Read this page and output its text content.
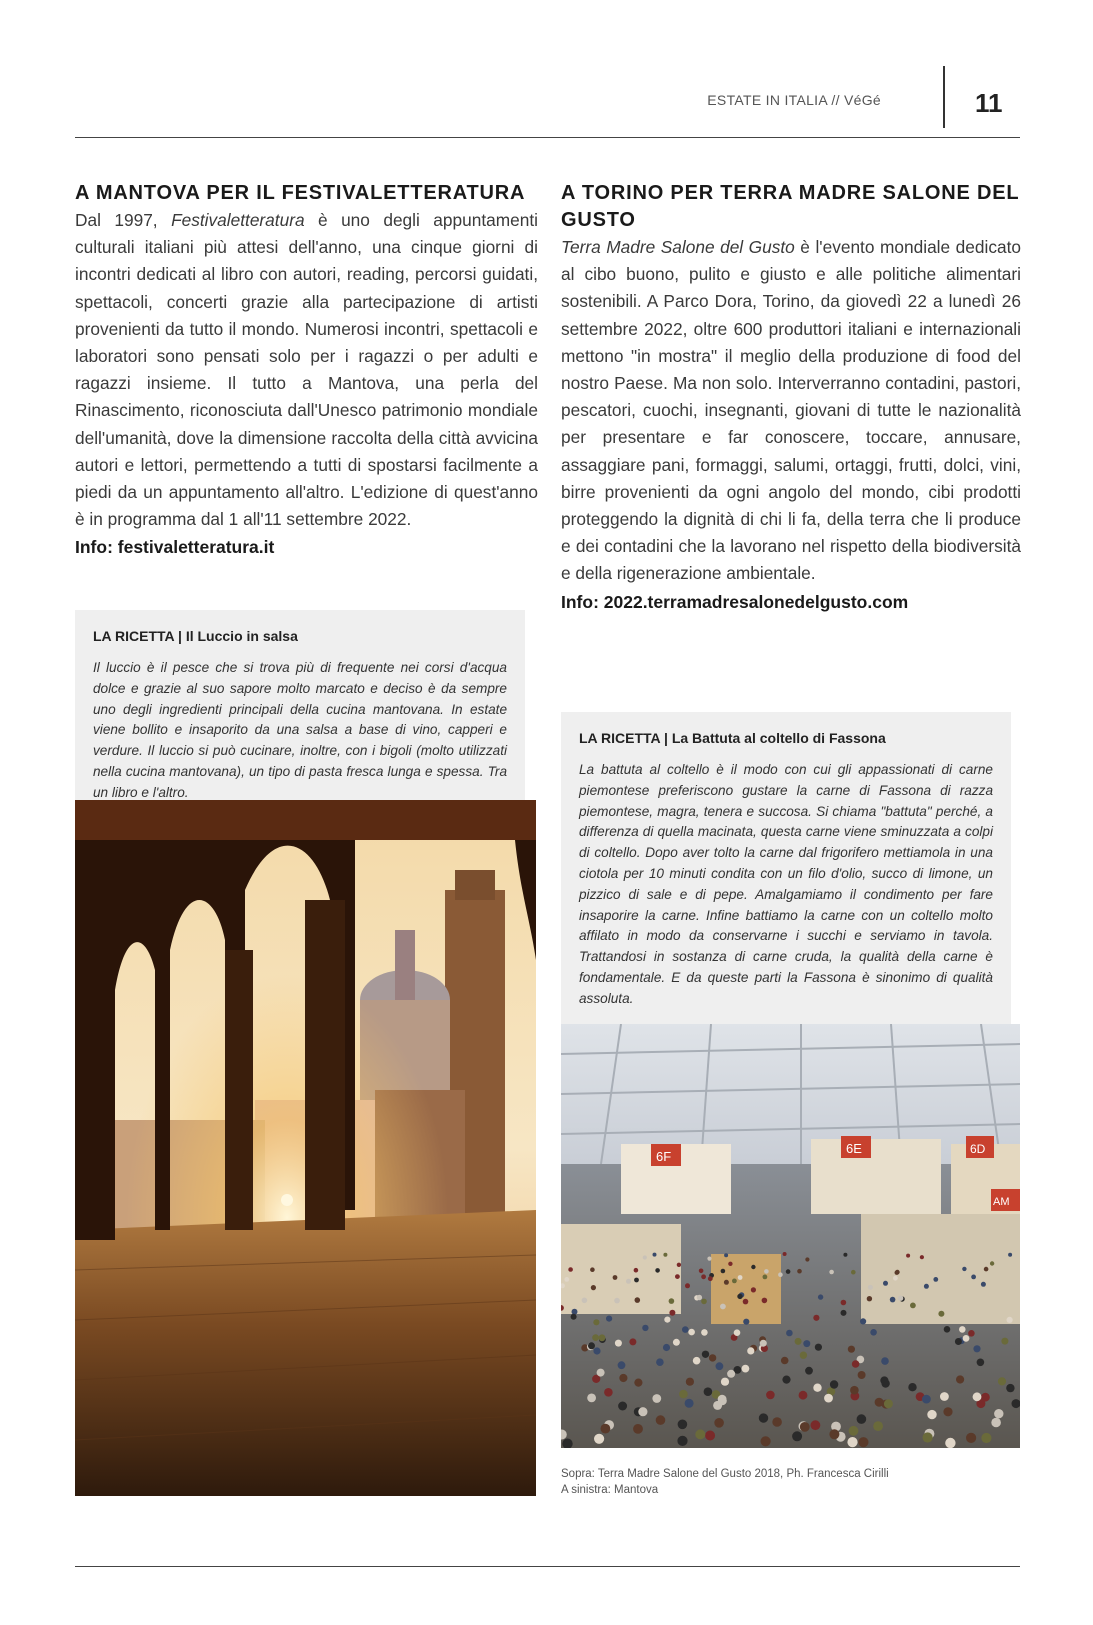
ESTATE IN ITALIA // VéGé	11
A MANTOVA PER IL FESTIVALETTERATURA

Dal 1997, Festivaletteratura è uno degli appuntamenti culturali italiani più attesi dell'anno, una cinque giorni di incontri dedicati al libro con autori, reading, percorsi guidati, spettacoli, concerti grazie alla partecipazione di artisti provenienti da tutto il mondo. Numerosi incontri, spettacoli e laboratori sono pensati solo per i ragazzi o per adulti e ragazzi insieme. Il tutto a Mantova, una perla del Rinascimento, riconosciuta dall'Unesco patrimonio mondiale dell'umanità, dove la dimensione raccolta della città avvicina autori e lettori, permettendo a tutti di spostarsi facilmente a piedi da un appuntamento all'altro. L'edizione di quest'anno è in programma dal 1 all'11 settembre 2022.

Info: festivaletteratura.it

LA RICETTA | Il Luccio in salsa

Il luccio è il pesce che si trova più di frequente nei corsi d'acqua dolce e grazie al suo sapore molto marcato e deciso è da sempre uno degli ingredienti principali della cucina mantovana. In estate viene bollito e insaporito da una salsa a base di vino, capperi e verdure. Il luccio si può cucinare, inoltre, con i bigoli (molto utilizzati nella cucina mantovana), un tipo di pasta fresca lunga e spessa. Tra un libro e l'altro.

A TORINO PER TERRA MADRE SALONE DEL GUSTO

Terra Madre Salone del Gusto è l'evento mondiale dedicato al cibo buono, pulito e giusto e alle politiche alimentari sostenibili. A Parco Dora, Torino, da giovedì 22 a lunedì 26 settembre 2022, oltre 600 produttori italiani e internazionali mettono "in mostra" il meglio della produzione di food del nostro Paese. Ma non solo. Interverranno contadini, pastori, pescatori, cuochi, insegnanti, giovani di tutte le nazionalità per presentare e far conoscere, toccare, annusare, assaggiare pani, formaggi, salumi, ortaggi, frutti, dolci, vini, birre provenienti da ogni angolo del mondo, cibi prodotti proteggendo la dignità di chi li fa, della terra che li produce e dei contadini che la lavorano nel rispetto della biodiversità e della rigenerazione ambientale.

Info: 2022.terramadresalonedelgusto.com

LA RICETTA | La Battuta al coltello di Fassona

La battuta al coltello è il modo con cui gli appassionati di carne piemontese preferiscono gustare la carne di Fassona di razza piemontese, magra, tenera e succosa. Si chiama "battuta" perché, a differenza di quella macinata, questa carne viene sminuzzata a colpi di coltello. Dopo aver tolto la carne dal frigorifero mettiamola in una ciotola per 10 minuti condita con un filo d'olio, succo di limone, un pizzico di sale e di pepe. Amalgamiamo il condimento per fare insaporire la carne. Infine battiamo la carne con un coltello molto affilato in modo da conservarne i succhi e serviamo in tavola. Trattandosi in sostanza di carne cruda, la qualità della carne è fondamentale. E da queste parti la Fassona è sinonimo di qualità assoluta.

6F
6E	6D
AM
Sopra: Terra Madre Salone del Gusto 2018, Ph. Francesca Cirilli
A sinistra: Mantova
